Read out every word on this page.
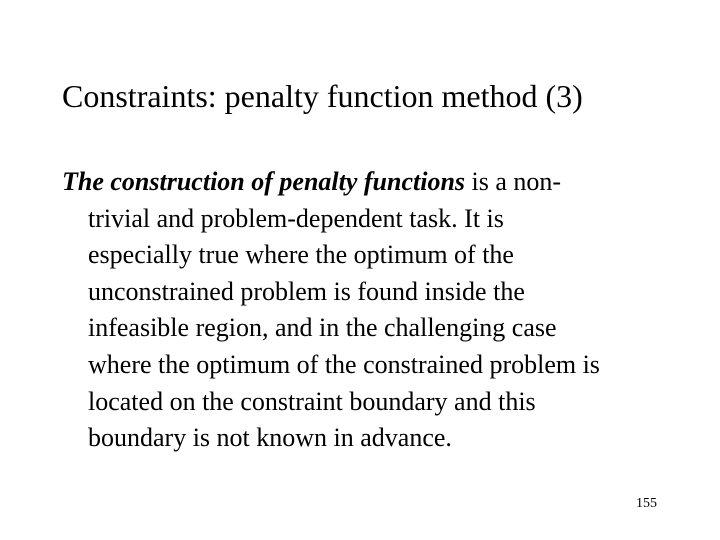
Constraints: penalty function method (3)
The construction of penalty functions is a non-
trivial and problem-dependent task. It is
especially true where the optimum of the
unconstrained problem is found inside the
infeasible region, and in the challenging case
where the optimum of the constrained problem is
located on the constraint boundary and this
boundary is not known in advance.
155
